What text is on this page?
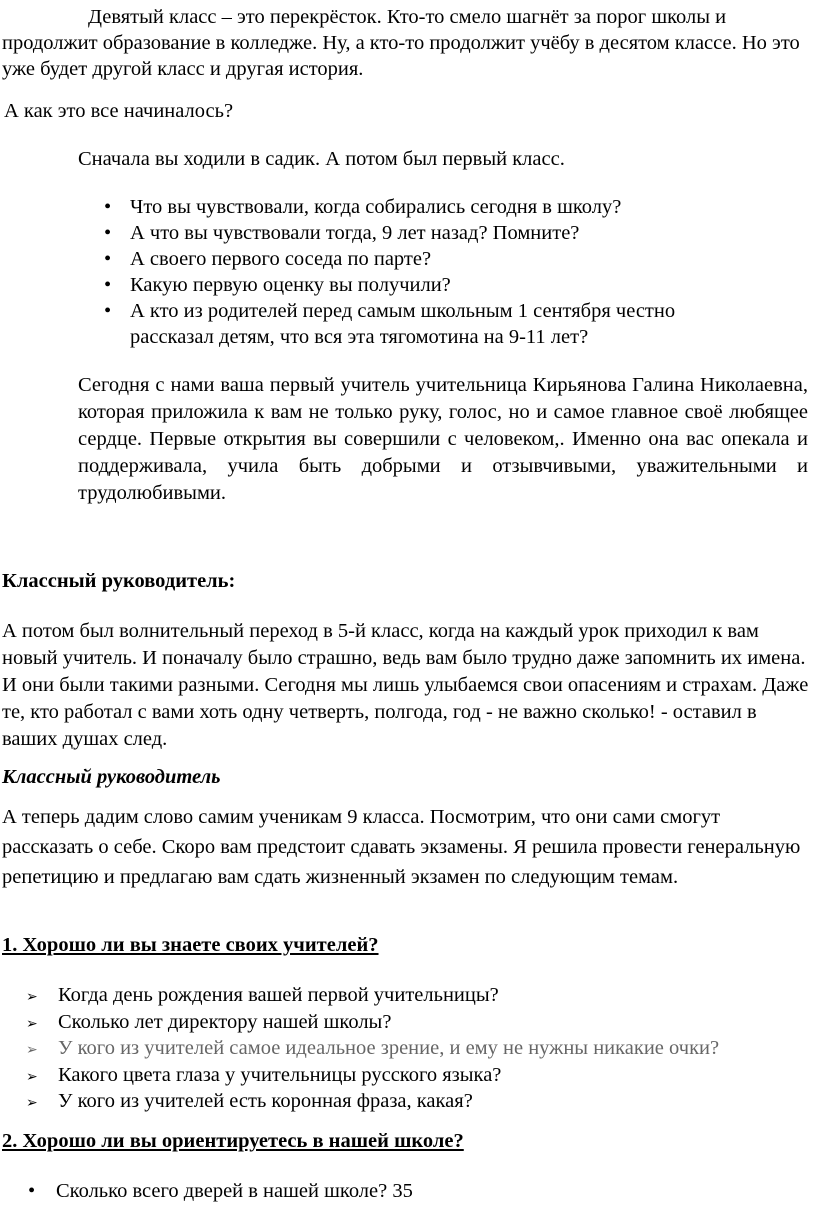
Девятый класс – это перекрёсток. Кто-то смело шагнёт за порог школы и продолжит образование в колледже. Ну, а кто-то продолжит учёбу в десятом классе. Но это уже будет другой класс и другая история.

А как это все начиналось?

Сначала вы ходили в садик. А потом был первый класс.

• Что вы чувствовали, когда собирались сегодня в школу?
• А что вы чувствовали тогда, 9 лет назад? Помните?
• А своего первого соседа по парте?
• Какую первую оценку вы получили?
• А кто из родителей перед самым школьным 1 сентября честно рассказал детям, что вся эта тягомотина на 9-11 лет?

Сегодня с нами ваша первый учитель учительница Кирьянова Галина Николаевна, которая приложила к вам не только руку, голос, но и самое главное своё любящее сердце. Первые открытия вы совершили с человеком,. Именно она вас опекала и поддерживала, учила быть добрыми и отзывчивыми, уважительными и трудолюбивыми.

Классный руководитель:

А потом был волнительный переход в 5-й класс, когда на каждый урок приходил к вам новый учитель. И поначалу было страшно, ведь вам было трудно даже запомнить их имена. И они были такими разными. Сегодня мы лишь улыбаемся свои опасениям и страхам. Даже те, кто работал с вами хоть одну четверть, полгода, год - не важно сколько! - оставил в ваших душах след.

Классный руководитель

А теперь дадим слово самим ученикам 9 класса. Посмотрим, что они сами смогут рассказать о себе. Скоро вам предстоит сдавать экзамены. Я решила провести генеральную репетицию и предлагаю вам сдать жизненный экзамен по следующим темам.

1. Хорошо ли вы знаете своих учителей?

➢ Когда день рождения вашей первой учительницы?
➢ Сколько лет директору нашей школы?
➢ У кого из учителей самое идеальное зрение, и ему не нужны никакие очки?
➢ Какого цвета глаза у учительницы русского языка?
➢ У кого из учителей есть коронная фраза, какая?

2. Хорошо ли вы ориентируетесь в нашей школе?

• Сколько всего дверей в нашей школе? 35
